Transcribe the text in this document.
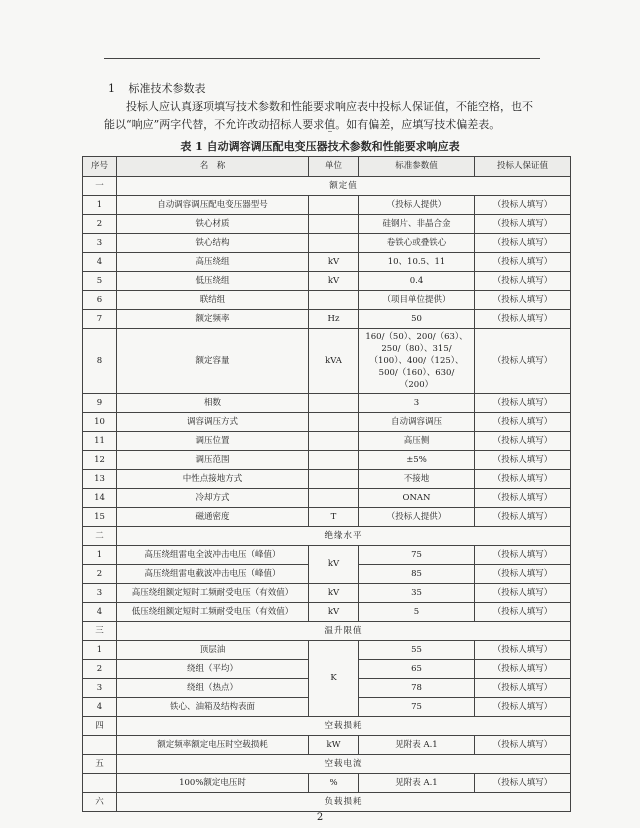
1 标准技术参数表
投标人应认真逐项填写技术参数和性能要求响应表中投标人保证值，不能空格，也不能以“响应”两字代替，不允许改动招标人要求值。如有偏差，应填写技术偏差表。
表 1 自动调容调压配电变压器技术参数和性能要求响应表
序号	名　称	单位	标准参数值	投标人保证值
一	额定值			
1	自动调容调压配电变压器型号		（投标人提供）	（投标人填写）
2	铁心材质		硅钢片、非晶合金	（投标人填写）
3	铁心结构		卷铁心或叠铁心	（投标人填写）
4	高压绕组	kV	10、10.5、11	（投标人填写）
5	低压绕组	kV	0.4	（投标人填写）
6	联结组		（项目单位提供）	（投标人填写）
7	额定频率	Hz	50	（投标人填写）
8	额定容量	kVA	160/（50）、200/（63）、250/（80）、315/（100）、400/（125）、500/（160）、630/（200）	（投标人填写）
9	相数		3	（投标人填写）
10	调容调压方式		自动调容调压	（投标人填写）
11	调压位置		高压侧	（投标人填写）
12	调压范围		±5%	（投标人填写）
13	中性点接地方式		不接地	（投标人填写）
14	冷却方式		ONAN	（投标人填写）
15	磁通密度	T	（投标人提供）	（投标人填写）
二	绝缘水平			
1	高压绕组雷电全波冲击电压（峰值）	kV	75	（投标人填写）
2	高压绕组雷电截波冲击电压（峰值）		85	（投标人填写）
3	高压绕组额定短时工频耐受电压（有效值）	kV	35	（投标人填写）
4	低压绕组额定短时工频耐受电压（有效值）	kV	5	（投标人填写）
三	温升限值			
1	顶层油	K	55	（投标人填写）
2	绕组（平均）		65	（投标人填写）
3	绕组（热点）		78	（投标人填写）
4	铁心、油箱及结构表面		75	（投标人填写）
四	空载损耗			
	额定频率额定电压时空载损耗	kW	见附表 A.1	（投标人填写）
五	空载电流			
	100%额定电压时	%	见附表 A.1	（投标人填写）
六	负载损耗			
2
